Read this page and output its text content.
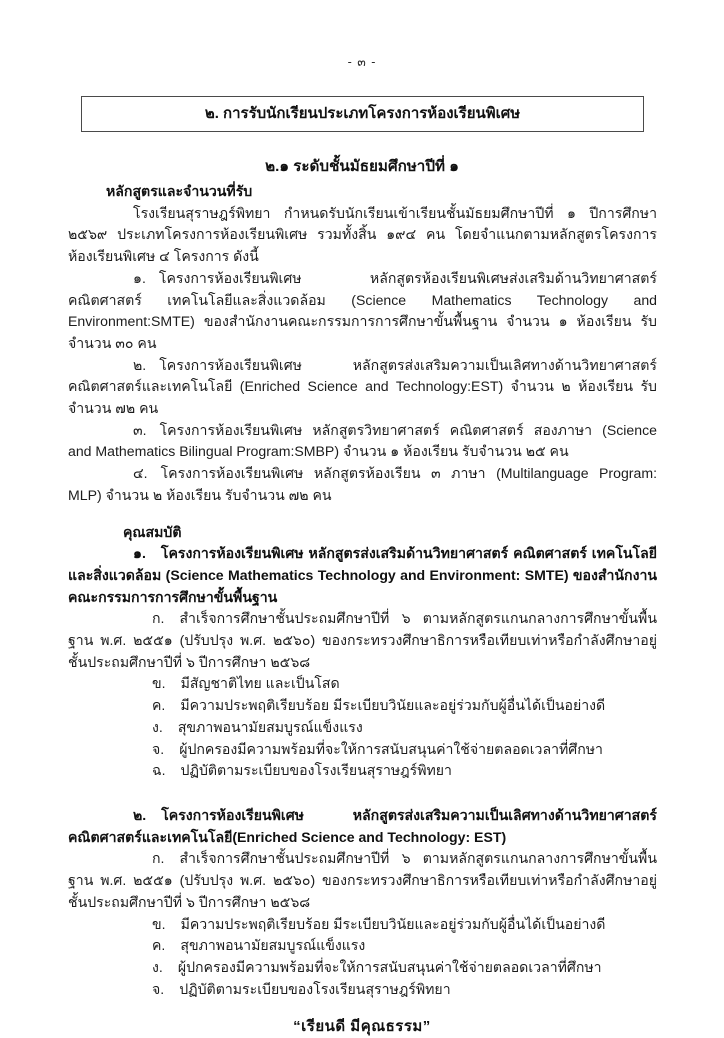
- ๓ -
๒. การรับนักเรียนประเภทโครงการห้องเรียนพิเศษ
๒.๑ ระดับชั้นมัธยมศึกษาปีที่ ๑

หลักสูตรและจำนวนที่รับ

โรงเรียนสุราษฎร์พิทยา กำหนดรับนักเรียนเข้าเรียนชั้นมัธยมศึกษาปีที่ ๑ ปีการศึกษา ๒๕๖๙ ประเภทโครงการห้องเรียนพิเศษ รวมทั้งสิ้น ๑๙๔ คน โดยจำแนกตามหลักสูตรโครงการห้องเรียนพิเศษ ๔ โครงการ ดังนี้

๑. โครงการห้องเรียนพิเศษ หลักสูตรห้องเรียนพิเศษส่งเสริมด้านวิทยาศาสตร์ คณิตศาสตร์ เทคโนโลยีและสิ่งแวดล้อม (Science Mathematics Technology and Environment:SMTE) ของสำนักงานคณะกรรมการการศึกษาขั้นพื้นฐาน จำนวน ๑ ห้องเรียน รับจำนวน ๓๐ คน

๒. โครงการห้องเรียนพิเศษ หลักสูตรส่งเสริมความเป็นเลิศทางด้านวิทยาศาสตร์ คณิตศาสตร์และเทคโนโลยี (Enriched Science and Technology:EST) จำนวน ๒ ห้องเรียน รับจำนวน ๗๒ คน

๓. โครงการห้องเรียนพิเศษ หลักสูตรวิทยาศาสตร์ คณิตศาสตร์ สองภาษา (Science and Mathematics Bilingual Program:SMBP) จำนวน ๑ ห้องเรียน รับจำนวน ๒๕ คน

๔. โครงการห้องเรียนพิเศษ หลักสูตรห้องเรียน ๓ ภาษา (Multilanguage Program: MLP) จำนวน ๒ ห้องเรียน รับจำนวน ๗๒ คน

คุณสมบัติ

๑. โครงการห้องเรียนพิเศษ หลักสูตรส่งเสริมด้านวิทยาศาสตร์ คณิตศาสตร์ เทคโนโลยีและสิ่งแวดล้อม (Science Mathematics Technology and Environment: SMTE) ของสำนักงานคณะกรรมการการศึกษาขั้นพื้นฐาน

ก. สำเร็จการศึกษาชั้นประถมศึกษาปีที่ ๖ ตามหลักสูตรแกนกลางการศึกษาขั้นพื้นฐาน พ.ศ. ๒๕๕๑ (ปรับปรุง พ.ศ. ๒๕๖๐) ของกระทรวงศึกษาธิการหรือเทียบเท่าหรือกำลังศึกษาอยู่ชั้นประถมศึกษาปีที่ ๖ ปีการศึกษา ๒๕๖๘

ข. มีสัญชาติไทย และเป็นโสด

ค. มีความประพฤติเรียบร้อย มีระเบียบวินัยและอยู่ร่วมกับผู้อื่นได้เป็นอย่างดี

ง. สุขภาพอนามัยสมบูรณ์แข็งแรง

จ. ผู้ปกครองมีความพร้อมที่จะให้การสนับสนุนค่าใช้จ่ายตลอดเวลาที่ศึกษา

ฉ. ปฏิบัติตามระเบียบของโรงเรียนสุราษฎร์พิทยา

๒. โครงการห้องเรียนพิเศษ หลักสูตรส่งเสริมความเป็นเลิศทางด้านวิทยาศาสตร์ คณิตศาสตร์และเทคโนโลยี(Enriched Science and Technology: EST)

ก. สำเร็จการศึกษาชั้นประถมศึกษาปีที่ ๖ ตามหลักสูตรแกนกลางการศึกษาขั้นพื้นฐาน พ.ศ. ๒๕๕๑ (ปรับปรุง พ.ศ. ๒๕๖๐) ของกระทรวงศึกษาธิการหรือเทียบเท่าหรือกำลังศึกษาอยู่ชั้นประถมศึกษาปีที่ ๖ ปีการศึกษา ๒๕๖๘

ข. มีความประพฤติเรียบร้อย มีระเบียบวินัยและอยู่ร่วมกับผู้อื่นได้เป็นอย่างดี

ค. สุขภาพอนามัยสมบูรณ์แข็งแรง

ง. ผู้ปกครองมีความพร้อมที่จะให้การสนับสนุนค่าใช้จ่ายตลอดเวลาที่ศึกษา

จ. ปฏิบัติตามระเบียบของโรงเรียนสุราษฎร์พิทยา

“เรียนดี มีคุณธรรม”
